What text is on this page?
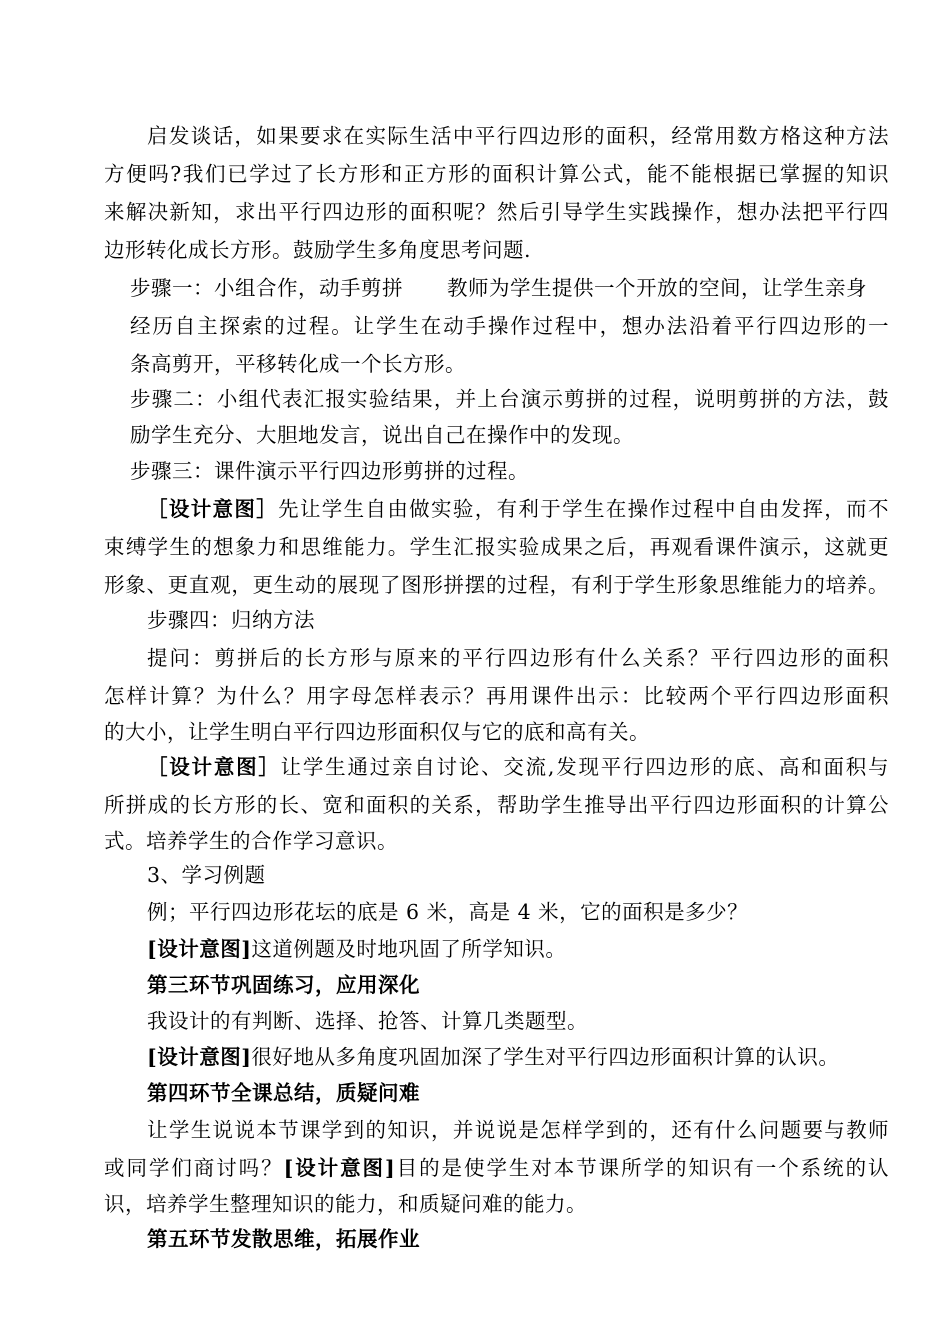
启发谈话，如果要求在实际生活中平行四边形的面积，经常用数方格这种方法
方便吗?我们已学过了长方形和正方形的面积计算公式，能不能根据已掌握的知识
来解决新知，求出平行四边形的面积呢？然后引导学生实践操作，想办法把平行四
边形转化成长方形。鼓励学生多角度思考问题.
步骤一：小组合作，动手剪拼 教师为学生提供一个开放的空间，让学生亲身
经历自主探索的过程。让学生在动手操作过程中，想办法沿着平行四边形的一
条高剪开，平移转化成一个长方形。
步骤二：小组代表汇报实验结果，并上台演示剪拼的过程，说明剪拼的方法，鼓
励学生充分、大胆地发言，说出自己在操作中的发现。
步骤三：课件演示平行四边形剪拼的过程。
［设计意图］先让学生自由做实验，有利于学生在操作过程中自由发挥，而不
束缚学生的想象力和思维能力。学生汇报实验成果之后，再观看课件演示，这就更
形象、更直观，更生动的展现了图形拼摆的过程，有利于学生形象思维能力的培养。
步骤四：归纳方法
提问：剪拼后的长方形与原来的平行四边形有什么关系？平行四边形的面积
怎样计算？为什么？用字母怎样表示？再用课件出示：比较两个平行四边形面积
的大小，让学生明白平行四边形面积仅与它的底和高有关。
［设计意图］让学生通过亲自讨论、交流,发现平行四边形的底、高和面积与
所拼成的长方形的长、宽和面积的关系，帮助学生推导出平行四边形面积的计算公
式。培养学生的合作学习意识。
3、学习例题
例；平行四边形花坛的底是 6 米，高是 4 米，它的面积是多少？
[设计意图]这道例题及时地巩固了所学知识。
第三环节巩固练习，应用深化
我设计的有判断、选择、抢答、计算几类题型。
[设计意图]很好地从多角度巩固加深了学生对平行四边形面积计算的认识。
第四环节全课总结，质疑问难
让学生说说本节课学到的知识，并说说是怎样学到的，还有什么问题要与教师
或同学们商讨吗？[设计意图]目的是使学生对本节课所学的知识有一个系统的认
识，培养学生整理知识的能力，和质疑问难的能力。
第五环节发散思维，拓展作业
